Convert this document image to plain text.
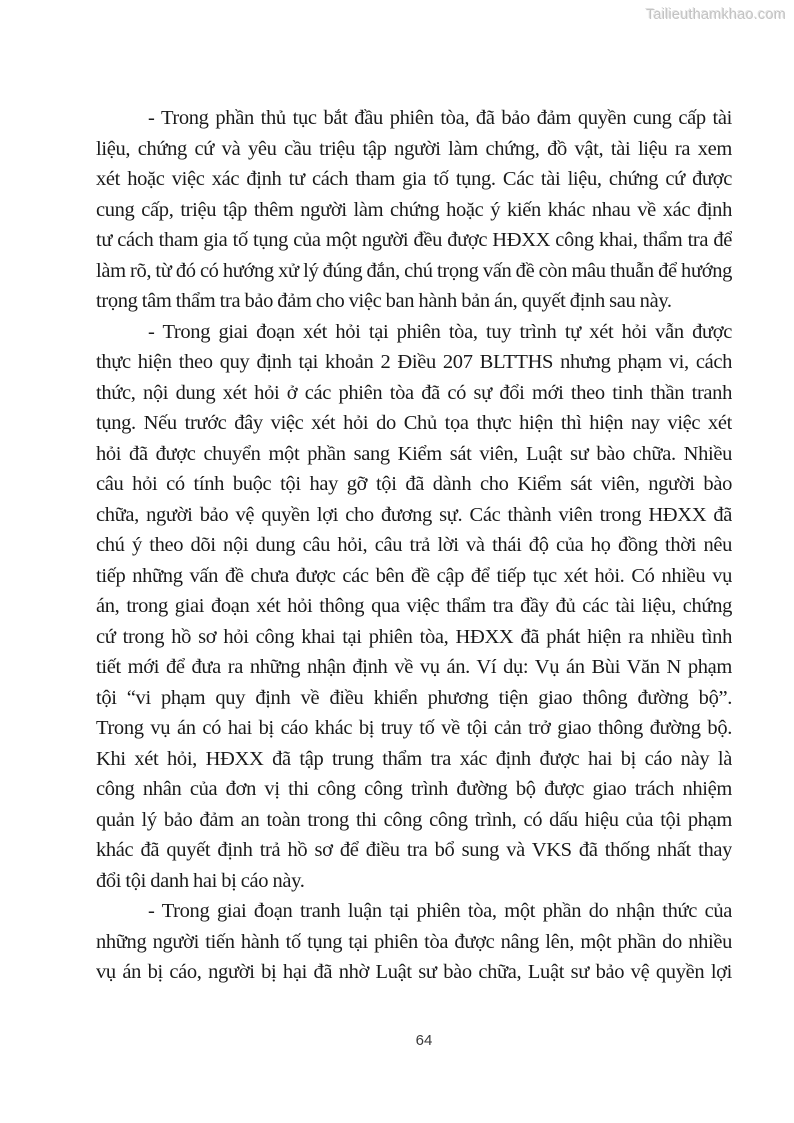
Tailieuthamkhao.com
- Trong phần thủ tục bắt đầu phiên tòa, đã bảo đảm quyền cung cấp tài
liệu, chứng cứ và yêu cầu triệu tập người làm chứng, đồ vật, tài liệu ra xem
xét hoặc việc xác định tư cách tham gia tố tụng. Các tài liệu, chứng cứ được
cung cấp, triệu tập thêm người làm chứng hoặc ý kiến khác nhau về xác định
tư cách tham gia tố tụng của một người đều được HĐXX công khai, thẩm tra để
làm rõ, từ đó có hướng xử lý đúng đắn, chú trọng vấn đề còn mâu thuẫn để hướng
trọng tâm thẩm tra bảo đảm cho việc ban hành bản án, quyết định sau này.
- Trong giai đoạn xét hỏi tại phiên tòa, tuy trình tự xét hỏi vẫn được
thực hiện theo quy định tại khoản 2 Điều 207 BLTTHS nhưng phạm vi, cách
thức, nội dung xét hỏi ở các phiên tòa đã có sự đổi mới theo tinh thần tranh
tụng. Nếu trước đây việc xét hỏi do Chủ tọa thực hiện thì hiện nay việc xét
hỏi đã được chuyển một phần sang Kiểm sát viên, Luật sư bào chữa. Nhiều
câu hỏi có tính buộc tội hay gỡ tội đã dành cho Kiểm sát viên, người bào
chữa, người bảo vệ quyền lợi cho đương sự. Các thành viên trong HĐXX đã
chú ý theo dõi nội dung câu hỏi, câu trả lời và thái độ của họ đồng thời nêu
tiếp những vấn đề chưa được các bên đề cập để tiếp tục xét hỏi. Có nhiều vụ
án, trong giai đoạn xét hỏi thông qua việc thẩm tra đầy đủ các tài liệu, chứng
cứ trong hồ sơ hỏi công khai tại phiên tòa, HĐXX đã phát hiện ra nhiều tình
tiết mới để đưa ra những nhận định về vụ án. Ví dụ: Vụ án Bùi Văn N phạm
tội “vi phạm quy định về điều khiển phương tiện giao thông đường bộ”.
Trong vụ án có hai bị cáo khác bị truy tố về tội cản trở giao thông đường bộ.
Khi xét hỏi, HĐXX đã tập trung thẩm tra xác định được hai bị cáo này là
công nhân của đơn vị thi công công trình đường bộ được giao trách nhiệm
quản lý bảo đảm an toàn trong thi công công trình, có dấu hiệu của tội phạm
khác đã quyết định trả hồ sơ để điều tra bổ sung và VKS đã thống nhất thay
đổi tội danh hai bị cáo này.
- Trong giai đoạn tranh luận tại phiên tòa, một phần do nhận thức của
những người tiến hành tố tụng tại phiên tòa được nâng lên, một phần do nhiều
vụ án bị cáo, người bị hại đã nhờ Luật sư bào chữa, Luật sư bảo vệ quyền lợi
64
